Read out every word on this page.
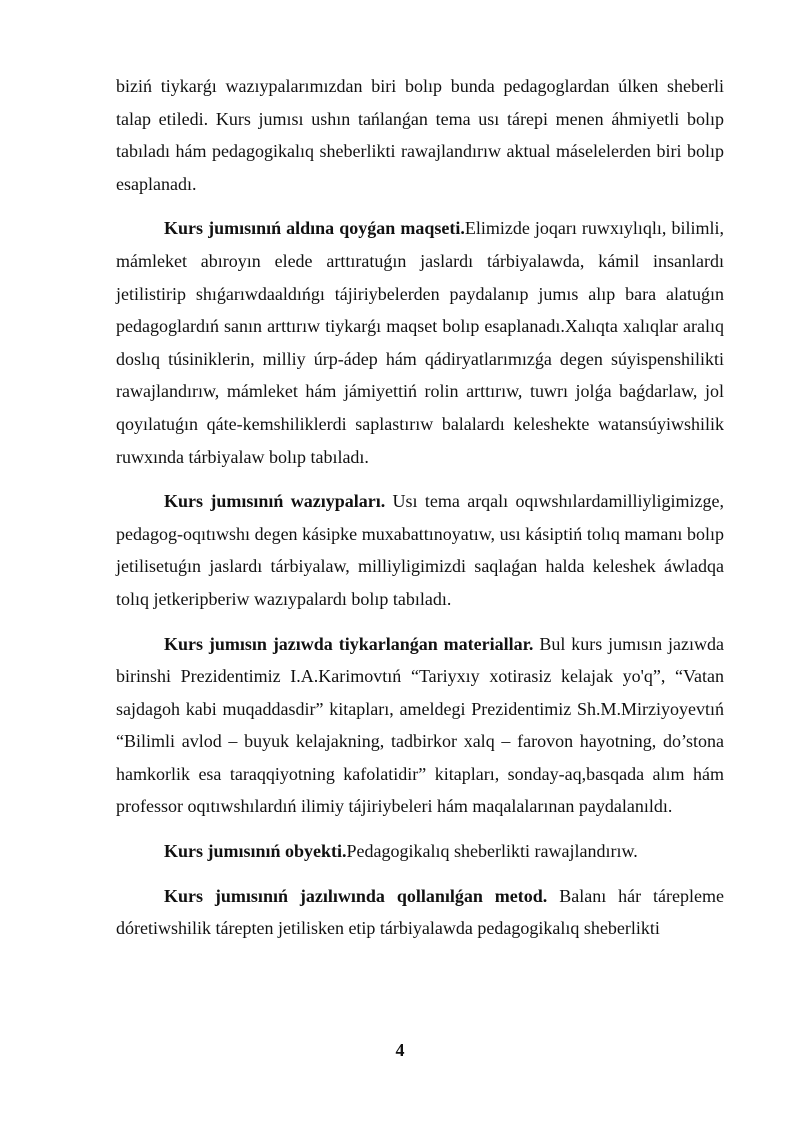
biziń tiykarǵı wazıypalarımızdan biri bolıp bunda pedagoglardan úlken sheberli talap etiledi. Kurs jumısı ushın tańlanǵan tema usı tárepi menen áhmiyetli bolıp tabıladı hám pedagogikalıq sheberlikti rawajlandırıw aktual máselelerden biri bolıp esaplanadı.

Kurs jumısınıń aldına qoyǵan maqseti.Elimizde joqarı ruwxıylıqlı, bilimli, mámleket abıroyın elede arttıratuǵın jaslardı tárbiyalawda, kámil insanlardı jetilistirip shıǵarıwdaaldıńgı tájiriybelerden paydalanıp jumıs alıp bara alatuǵın pedagoglardıń sanın arttırıw tiykarǵı maqset bolıp esaplanadı.Xalıqta xalıqlar aralıq doslıq túsiniklerin, milliy úrp-ádep hám qádiryatlarımızǵa degen súyispenshilikti rawajlandırıw, mámleket hám jámiyettiń rolin arttırıw, tuwrı jolǵa baǵdarlaw, jol qoyılatuǵın qáte-kemshiliklerdi saplastırıw balalardı keleshekte watansúyiwshilik ruwxında tárbiyalaw bolıp tabıladı.

Kurs jumısınıń wazıypaları. Usı tema arqalı oqıwshılardamilliyligimizge, pedagog-oqıtıwshı degen kásipke muxabattınoyatıw, usı kásiptiń tolıq mamanı bolıp jetilisetuǵın jaslardı tárbiyalaw, milliyligimizdi saqlaǵan halda keleshek áwladqa tolıq jetkeripberiw wazıypalardı bolıp tabıladı.

Kurs jumısın jazıwda tiykarlanǵan materiallar. Bul kurs jumısın jazıwda birinshi Prezidentimiz I.A.Karimovtıń “Tariyxıy xotirasiz kelajak yo'q”, “Vatan sajdagoh kabi muqaddasdir” kitapları, ameldegi Prezidentimiz Sh.M.Mirziyoyevtıń “Bilimli avlod – buyuk kelajakning, tadbirkor xalq – farovon hayotning, do’stona hamkorlik esa taraqqiyotning kafolatidir” kitapları, sonday-aq,basqada alım hám professor oqıtıwshılardıń ilimiy tájiriybeleri hám maqalalarınan paydalanıldı.

Kurs jumısınıń obyekti.Pedagogikalıq sheberlikti rawajlandırıw.

Kurs jumısınıń jazılıwında qollanılǵan metod. Balanı hár tárepleme dóretiwshilik tárepten jetilisken etip tárbiyalawda pedagogikalıq sheberlikti

4
